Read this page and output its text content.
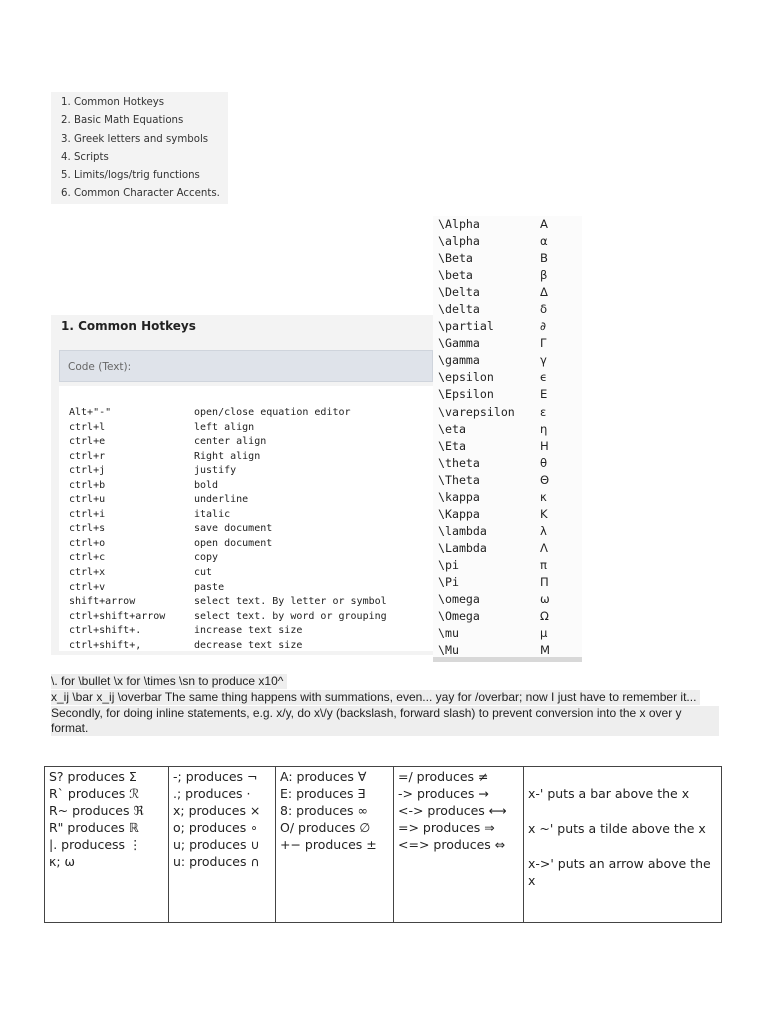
1. Common Hotkeys
2. Basic Math Equations
3. Greek letters and symbols
4. Scripts
5. Limits/logs/trig functions
6. Common Character Accents.
\Alpha	A
\alpha	α
\Beta	B
\beta	β
\Delta	Δ
\delta	δ
\partial	∂
\Gamma	Γ
\gamma	γ
\epsilon	ϵ
\Epsilon	E
\varepsilon ε
\eta	η
\Eta	H
\theta	θ
\Theta	Θ
\kappa	κ
\Kappa	K
\lambda	λ
\Lambda	Λ
\pi	π
\Pi	Π
\omega	ω
\Omega	Ω
\mu	μ
\Mu	M
1. Common Hotkeys
Code (Text):
Alt+"-"	open/close equation editor
ctrl+l	left align
ctrl+e	center align
ctrl+r	Right align
ctrl+j	justify
ctrl+b	bold
ctrl+u	underline
ctrl+i	italic
ctrl+s	save document
ctrl+o	open document
ctrl+c	copy
ctrl+x	cut
ctrl+v	paste
shift+arrow	select text. By letter or symbol
ctrl+shift+arrow	select text. by word or grouping
ctrl+shift+.	increase text size
ctrl+shift+,	decrease text size
\. for \bullet \x for \times \sn to produce x10^
x_ij \bar x_ij \overbar The same thing happens with summations, even... yay for /overbar; now I just have to remember it...
Secondly, for doing inline statements, e.g. x/y, do x\/y (backslash, forward slash) to prevent conversion into the x over y format.
S? produces Σ
R` produces ℛ
R~ produces ℜ
R" produces ℝ
|. producess ⋮
κ; ω

-; produces ¬
.; produces ·
x; produces ×
o; produces ∘
u; produces ∪
u: produces ∩

A: produces ∀
E: produces ∃
8: produces ∞
O/ produces ∅
+− produces ±

=/ produces ≠
-> produces →
<-> produces ⟷
=> produces ⇒
<=> produces ⇔

x-' puts a bar above the x
x ~' puts a tilde above the x
x->' puts an arrow above the x
